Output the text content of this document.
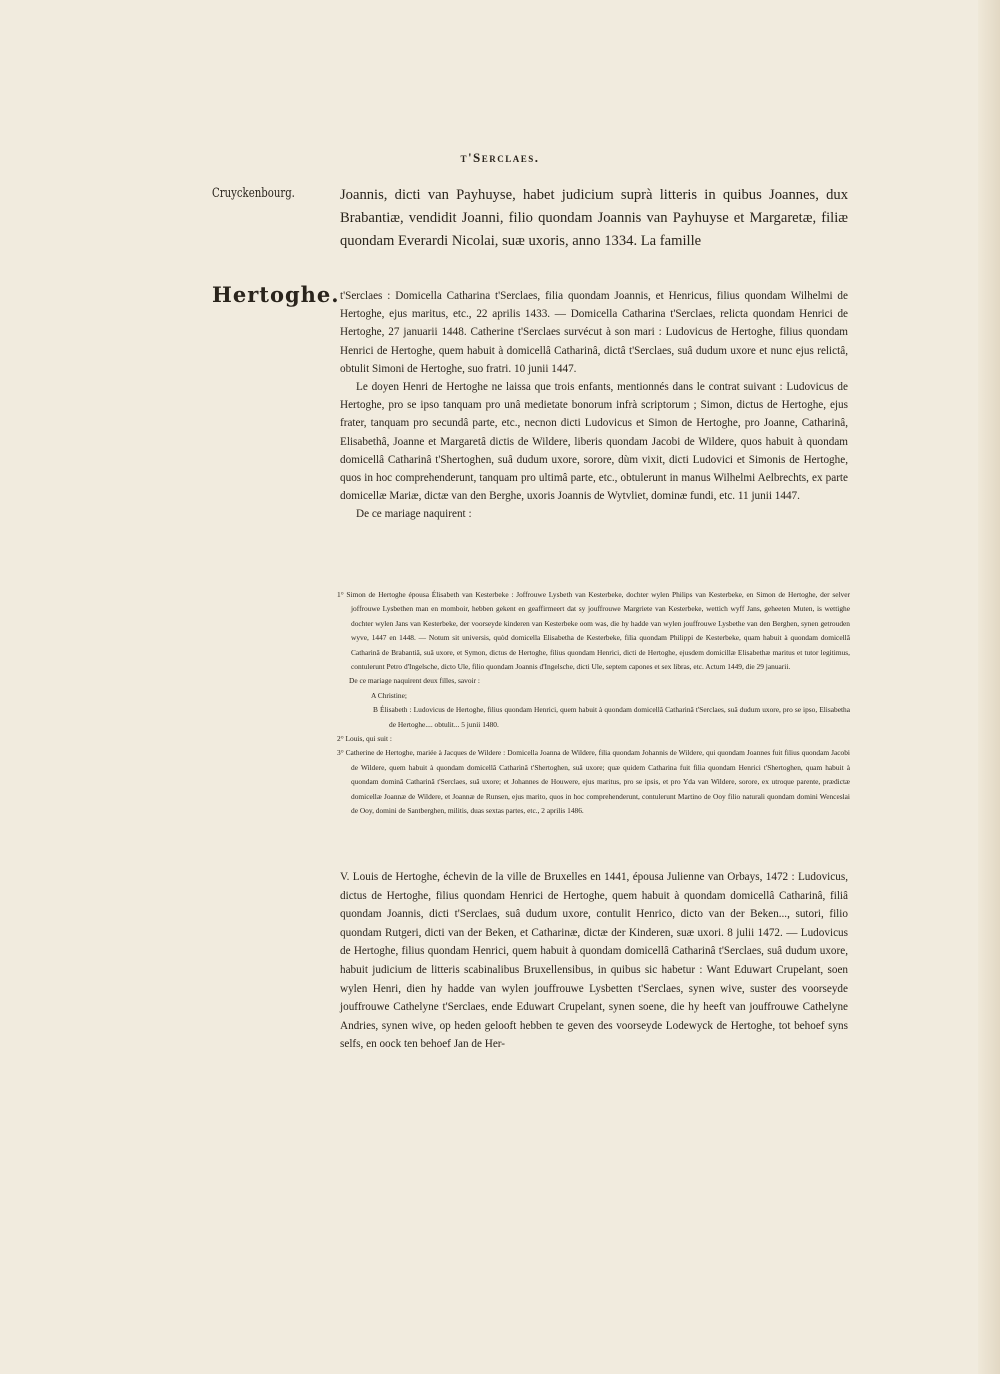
t'Serclaes.
Cruyckenbourg.
Hertoghe.
Joannis, dicti van Payhuyse, habet judicium suprà litteris in quibus Joannes, dux Brabantiæ, vendidit Joanni, filio quondam Joannis van Payhuyse et Margaretæ, filiæ quondam Everardi Nicolai, suæ uxoris, anno 1334. La famille

t'Serclaes : Domicella Catharina t'Serclaes, filia quondam Joannis, et Henricus, filius quondam Wilhelmi de Hertoghe, ejus maritus, etc., 22 aprilis 1433. — Domicella Catharina t'Serclaes, relicta quondam Henrici de Hertoghe, 27 januarii 1448. Catherine t'Serclaes survécut à son mari : Ludovicus de Hertoghe, filius quondam Henrici de Hertoghe, quem habuit à domicellâ Catharinâ, dictâ t'Serclaes, suâ dudum uxore et nunc ejus relictâ, obtulit Simoni de Hertoghe, suo fratri. 10 junii 1447.

Le doyen Henri de Hertoghe ne laissa que trois enfants, mentionnés dans le contrat suivant : Ludovicus de Hertoghe, pro se ipso tanquam pro unâ medietate bonorum infrà scriptorum ; Simon, dictus de Hertoghe, ejus frater, tanquam pro secundâ parte, etc., necnon dicti Ludovicus et Simon de Hertoghe, pro Joanne, Catharinâ, Elisabethâ, Joanne et Margaretâ dictis de Wildere, liberis quondam Jacobi de Wildere, quos habuit à quondam domicellâ Catharinâ t'Shertoghen, suâ dudum uxore, sorore, dùm vixit, dicti Ludovici et Simonis de Hertoghe, quos in hoc comprehenderunt, tanquam pro ultimâ parte, etc., obtulerunt in manus Wilhelmi Aelbrechts, ex parte domicellæ Mariæ, dictæ van den Berghe, uxoris Joannis de Wytvliet, dominæ fundi, etc. 11 junii 1447.

De ce mariage naquirent :

1° Simon de Hertoghe épousa Élisabeth van Kesterbeke : Joffrouwe Lysbeth van Kesterbeke, dochter wylen Philips van Kesterbeke, en Simon de Hertoghe, der selver joffrouwe Lysbethen man en momboir, hebben gekent en geaffirmeert dat sy jouffrouwe Margriete van Kesterbeke, wettich wyff Jans, geheeten Muten, is wettighe dochter wylen Jans van Kesterbeke, der voorseyde kinderen van Kesterbeke oom was, die hy hadde van wylen jouffrouwe Lysbethe van den Berghen, synen getrouden wyve, 1447 en 1448. — Notum sit universis, quòd domicella Elisabetha de Kesterbeke, filia quondam Philippi de Kesterbeke, quam habuit à quondam domicellâ Catharinâ de Brabantiâ, suâ uxore, et Symon, dictus de Hertoghe, filius quondam Henrici, dicti de Hertoghe, ejusdem domicillæ Elisabethæ maritus et tutor legitimus, contulerunt Petro d'Ingelsche, dicto Ule, filio quondam Joannis d'Ingelsche, dicti Ule, septem capones et sex libras, etc. Actum 1449, die 29 januarii.

De ce mariage naquirent deux filles, savoir :

A Christine;

B Élisabeth : Ludovicus de Hertoghe, filius quondam Henrici, quem habuit à quondam domicellâ Catharinâ t'Serclaes, suâ dudum uxore, pro se ipso, Elisabetha de Hertoghe.... obtulit... 5 junii 1480.

2° Louis, qui suit :

3° Catherine de Hertoghe, mariée à Jacques de Wildere : Domicella Joanna de Wildere, filia quondam Johannis de Wildere, qui quondam Joannes fuit filius quondam Jacobi de Wildere, quem habuit à quondam domicellâ Catharinâ t'Shertoghen, suâ uxore; quæ quidem Catharina fuit filia quondam Henrici t'Shertoghen, quam habuit à quondam dominâ Catharinâ t'Serclaes, suâ uxore; et Johannes de Houwere, ejus maritus, pro se ipsis, et pro Yda van Wildere, sorore, ex utroque parente, prædictæ domicellæ Joannæ de Wildere, et Joannæ de Runsen, ejus marito, quos in hoc comprehenderunt, contulerunt Martino de Ooy filio naturali quondam domini Wenceslai de Ooy, domini de Santberghen, militis, duas sextas partes, etc., 2 aprilis 1486.

V. Louis de Hertoghe, échevin de la ville de Bruxelles en 1441, épousa Julienne van Orbays, 1472 : Ludovicus, dictus de Hertoghe, filius quondam Henrici de Hertoghe, quem habuit à quondam domicellâ Catharinâ, filiâ quondam Joannis, dicti t'Serclaes, suâ dudum uxore, contulit Henrico, dicto van der Beken..., sutori, filio quondam Rutgeri, dicti van der Beken, et Catharinæ, dictæ der Kinderen, suæ uxori. 8 julii 1472. — Ludovicus de Hertoghe, filius quondam Henrici, quem habuit à quondam domicellâ Catharinâ t'Serclaes, suâ dudum uxore, habuit judicium de litteris scabinalibus Bruxellensibus, in quibus sic habetur : Want Eduwart Crupelant, soen wylen Henri, dien hy hadde van wylen jouffrouwe Lysbetten t'Serclaes, synen wive, suster des voorseyde jouffrouwe Cathelyne t'Serclaes, ende Eduwart Crupelant, synen soene, die hy heeft van jouffrouwe Cathelyne Andries, synen wive, op heden gelooft hebben te geven des voorseyde Lodewyck de Hertoghe, tot behoef syns selfs, en oock ten behoef Jan de Her-
